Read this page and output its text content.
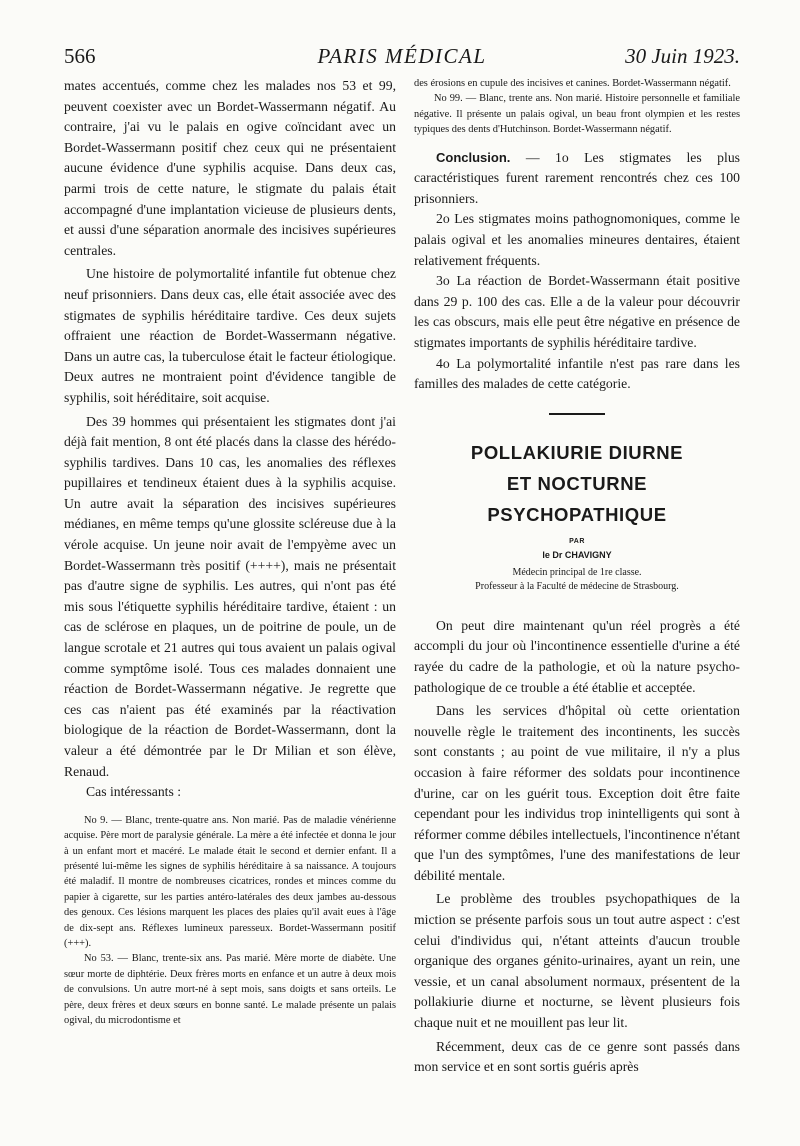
566	PARIS MÉDICAL	30 Juin 1923.

mates accentués, comme chez les malades nos 53 et 99, peuvent coexister avec un Bordet-Wassermann négatif. Au contraire, j'ai vu le palais en ogive coïncidant avec un Bordet-Wassermann positif chez ceux qui ne présentaient aucune évidence d'une syphilis acquise. Dans deux cas, parmi trois de cette nature, le stigmate du palais était accompagné d'une implantation vicieuse de plusieurs dents, et aussi d'une séparation anormale des incisives supérieures centrales.

Une histoire de polymortalité infantile fut obtenue chez neuf prisonniers. Dans deux cas, elle était associée avec des stigmates de syphilis héréditaire tardive. Ces deux sujets offraient une réaction de Bordet-Wassermann négative. Dans un autre cas, la tuberculose était le facteur étiologique. Deux autres ne montraient point d'évidence tangible de syphilis, soit héréditaire, soit acquise.

Des 39 hommes qui présentaient les stigmates dont j'ai déjà fait mention, 8 ont été placés dans la classe des hérédo-syphilis tardives. Dans 10 cas, les anomalies des réflexes pupillaires et tendineux étaient dues à la syphilis acquise. Un autre avait la séparation des incisives supérieures médianes, en même temps qu'une glossite scléreuse due à la vérole acquise. Un jeune noir avait de l'empyème avec un Bordet-Wassermann très positif (++++), mais ne présentait pas d'autre signe de syphilis. Les autres, qui n'ont pas été mis sous l'étiquette syphilis héréditaire tardive, étaient : un cas de sclérose en plaques, un de poitrine de poule, un de langue scrotale et 21 autres qui tous avaient un palais ogival comme symptôme isolé. Tous ces malades donnaient une réaction de Bordet-Wassermann négative. Je regrette que ces cas n'aient pas été examinés par la réactivation biologique de la réaction de Bordet-Wassermann, dont la valeur a été démontrée par le Dr Milian et son élève, Renaud.

Cas intéressants :

No 9. — Blanc, trente-quatre ans. Non marié. Pas de maladie vénérienne acquise. Père mort de paralysie générale. La mère a été infectée et donna le jour à un enfant mort et macéré. Le malade était le second et dernier enfant. Il a présenté lui-même les signes de syphilis héréditaire à sa naissance. A toujours été maladif. Il montre de nombreuses cicatrices, rondes et minces comme du papier à cigarette, sur les parties antéro-latérales des deux jambes au-dessous des genoux. Ces lésions marquent les places des plaies qu'il avait eues à l'âge de dix-sept ans. Réflexes lumineux paresseux. Bordet-Wassermann positif (+++).

No 53. — Blanc, trente-six ans. Pas marié. Mère morte de diabète. Une sœur morte de diphtérie. Deux frères morts en enfance et un autre à deux mois de convulsions. Un autre mort-né à sept mois, sans doigts et sans orteils. Le père, deux frères et deux sœurs en bonne santé. Le malade présente un palais ogival, du microdontisme et

des érosions en cupule des incisives et canines. Bordet-Wassermann négatif.

No 99. — Blanc, trente ans. Non marié. Histoire personnelle et familiale négative. Il présente un palais ogival, un beau front olympien et les restes typiques des dents d'Hutchinson. Bordet-Wassermann négatif.

Conclusion. — 1o Les stigmates les plus caractéristiques furent rarement rencontrés chez ces 100 prisonniers.

2o Les stigmates moins pathognomoniques, comme le palais ogival et les anomalies mineures dentaires, étaient relativement fréquents.

3o La réaction de Bordet-Wassermann était positive dans 29 p. 100 des cas. Elle a de la valeur pour découvrir les cas obscurs, mais elle peut être négative en présence de stigmates importants de syphilis héréditaire tardive.

4o La polymortalité infantile n'est pas rare dans les familles des malades de cette catégorie.

POLLAKIURIE DIURNE

ET NOCTURNE

PSYCHOPATHIQUE

PAR
le Dr CHAVIGNY
Médecin principal de 1re classe.
Professeur à la Faculté de médecine de Strasbourg.

On peut dire maintenant qu'un réel progrès a été accompli du jour où l'incontinence essentielle d'urine a été rayée du cadre de la pathologie, et où la nature psycho-pathologique de ce trouble a été établie et acceptée.

Dans les services d'hôpital où cette orientation nouvelle règle le traitement des incontinents, les succès sont constants ; au point de vue militaire, il n'y a plus occasion à faire réformer des soldats pour incontinence d'urine, car on les guérit tous. Exception doit être faite cependant pour les individus trop inintelligents qui sont à réformer comme débiles intellectuels, l'incontinence n'étant que l'un des symptômes, l'une des manifestations de leur débilité mentale.

Le problème des troubles psychopathiques de la miction se présente parfois sous un tout autre aspect : c'est celui d'individus qui, n'étant atteints d'aucun trouble organique des organes génito-urinaires, ayant un rein, une vessie, et un canal absolument normaux, présentent de la pollakiurie diurne et nocturne, se lèvent plusieurs fois chaque nuit et ne mouillent pas leur lit.

Récemment, deux cas de ce genre sont passés dans mon service et en sont sortis guéris après
